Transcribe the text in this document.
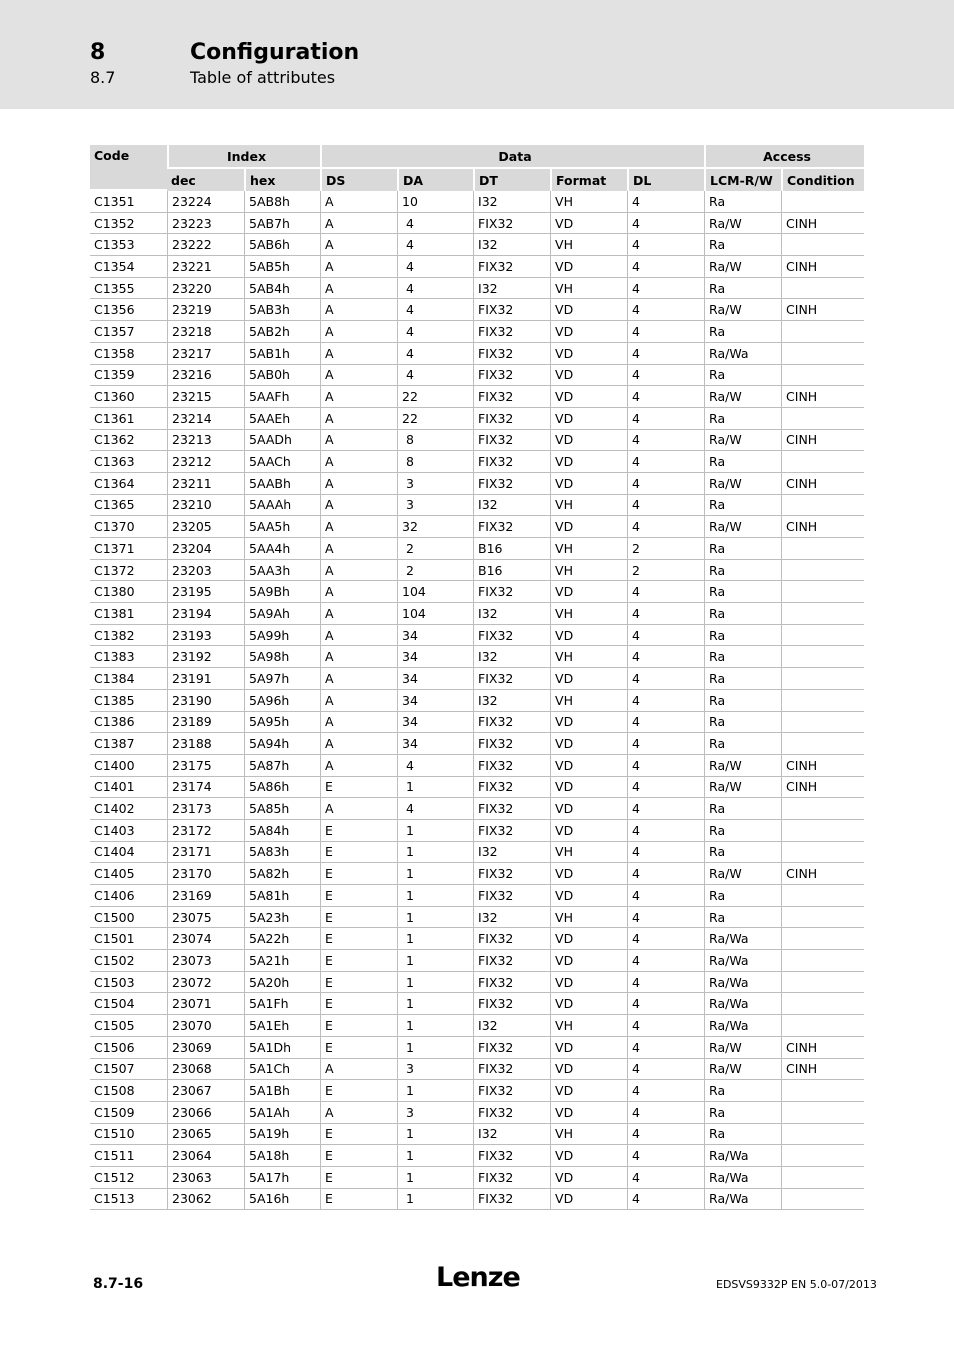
8	Configuration
8.7	Table of attributes
Code	Index		Data					Access	
	dec	hex	DS	DA	DT	Format	DL	LCM-R/W	Condition
C1351	23224	5AB8h	A	10	I32	VH	4	Ra	
C1352	23223	5AB7h	A	4	FIX32	VD	4	Ra/W	CINH
C1353	23222	5AB6h	A	4	I32	VH	4	Ra	
C1354	23221	5AB5h	A	4	FIX32	VD	4	Ra/W	CINH
C1355	23220	5AB4h	A	4	I32	VH	4	Ra	
C1356	23219	5AB3h	A	4	FIX32	VD	4	Ra/W	CINH
C1357	23218	5AB2h	A	4	FIX32	VD	4	Ra	
C1358	23217	5AB1h	A	4	FIX32	VD	4	Ra/Wa	
C1359	23216	5AB0h	A	4	FIX32	VD	4	Ra	
C1360	23215	5AAFh	A	22	FIX32	VD	4	Ra/W	CINH
C1361	23214	5AAEh	A	22	FIX32	VD	4	Ra	
C1362	23213	5AADh	A	8	FIX32	VD	4	Ra/W	CINH
C1363	23212	5AACh	A	8	FIX32	VD	4	Ra	
C1364	23211	5AABh	A	3	FIX32	VD	4	Ra/W	CINH
C1365	23210	5AAAh	A	3	I32	VH	4	Ra	
C1370	23205	5AA5h	A	32	FIX32	VD	4	Ra/W	CINH
C1371	23204	5AA4h	A	2	B16	VH	2	Ra	
C1372	23203	5AA3h	A	2	B16	VH	2	Ra	
C1380	23195	5A9Bh	A	104	FIX32	VD	4	Ra	
C1381	23194	5A9Ah	A	104	I32	VH	4	Ra	
C1382	23193	5A99h	A	34	FIX32	VD	4	Ra	
C1383	23192	5A98h	A	34	I32	VH	4	Ra	
C1384	23191	5A97h	A	34	FIX32	VD	4	Ra	
C1385	23190	5A96h	A	34	I32	VH	4	Ra	
C1386	23189	5A95h	A	34	FIX32	VD	4	Ra	
C1387	23188	5A94h	A	34	FIX32	VD	4	Ra	
C1400	23175	5A87h	A	4	FIX32	VD	4	Ra/W	CINH
C1401	23174	5A86h	E	1	FIX32	VD	4	Ra/W	CINH
C1402	23173	5A85h	A	4	FIX32	VD	4	Ra	
C1403	23172	5A84h	E	1	FIX32	VD	4	Ra	
C1404	23171	5A83h	E	1	I32	VH	4	Ra	
C1405	23170	5A82h	E	1	FIX32	VD	4	Ra/W	CINH
C1406	23169	5A81h	E	1	FIX32	VD	4	Ra	
C1500	23075	5A23h	E	1	I32	VH	4	Ra	
C1501	23074	5A22h	E	1	FIX32	VD	4	Ra/Wa	
C1502	23073	5A21h	E	1	FIX32	VD	4	Ra/Wa	
C1503	23072	5A20h	E	1	FIX32	VD	4	Ra/Wa	
C1504	23071	5A1Fh	E	1	FIX32	VD	4	Ra/Wa	
C1505	23070	5A1Eh	E	1	I32	VH	4	Ra/Wa	
C1506	23069	5A1Dh	E	1	FIX32	VD	4	Ra/W	CINH
C1507	23068	5A1Ch	A	3	FIX32	VD	4	Ra/W	CINH
C1508	23067	5A1Bh	E	1	FIX32	VD	4	Ra	
C1509	23066	5A1Ah	A	3	FIX32	VD	4	Ra	
C1510	23065	5A19h	E	1	I32	VH	4	Ra	
C1511	23064	5A18h	E	1	FIX32	VD	4	Ra/Wa	
C1512	23063	5A17h	E	1	FIX32	VD	4	Ra/Wa	
C1513	23062	5A16h	E	1	FIX32	VD	4	Ra/Wa	
8.7-16	Lenze	EDSVS9332P EN 5.0-07/2013
